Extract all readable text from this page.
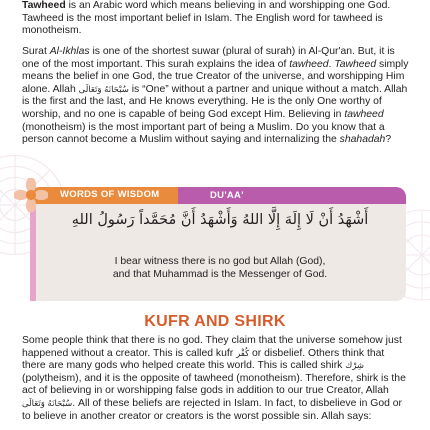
Tawheed is an Arabic word which means believing in and worshipping one God. Tawheed is the most important belief in Islam. The English word for tawheed is monotheism.

Surat Al-Ikhlas is one of the shortest suwar (plural of surah) in Al-Qur'an. But, it is one of the most important. This surah explains the idea of tawheed. Tawheed simply means the belief in one God, the true Creator of the universe, and worshipping Him alone. Allah سُبْحَانَهُ وَتَعَالَى is “One” without a partner and unique without a match. Allah is the first and the last, and He knows everything. He is the only One worthy of worship, and no one is capable of being God except Him. Believing in tawheed (monotheism) is the most important part of being a Muslim. Do you know that a person cannot become a Muslim without saying and internalizing the shahadah?

WORDS OF WISDOM	DU'AA'
أَشْهَدُ أَنْ لَا إِلَهَ إِلَّا اللهُ وَأَشْهَدُ أَنَّ مُحَمَّداً رَسُولُ اللهِ
I bear witness there is no god but Allah (God),
and that Muhammad is the Messenger of God.
KUFR AND SHIRK

Some people think that there is no god. They claim that the universe somehow just happened without a creator. This is called kufr كُفْر or disbelief. Others think that there are many gods who helped create this world. This is called shirk شِرْك (polytheism), and it is the opposite of tawheed (monotheism). Therefore, shirk is the act of believing in or worshipping false gods in addition to our true Creator, Allah سُبْحَانَهُ وَتَعَالَى. All of these beliefs are rejected in Islam. In fact, to disbelieve in God or to believe in another creator or creators is the worst possible sin. Allah says:
